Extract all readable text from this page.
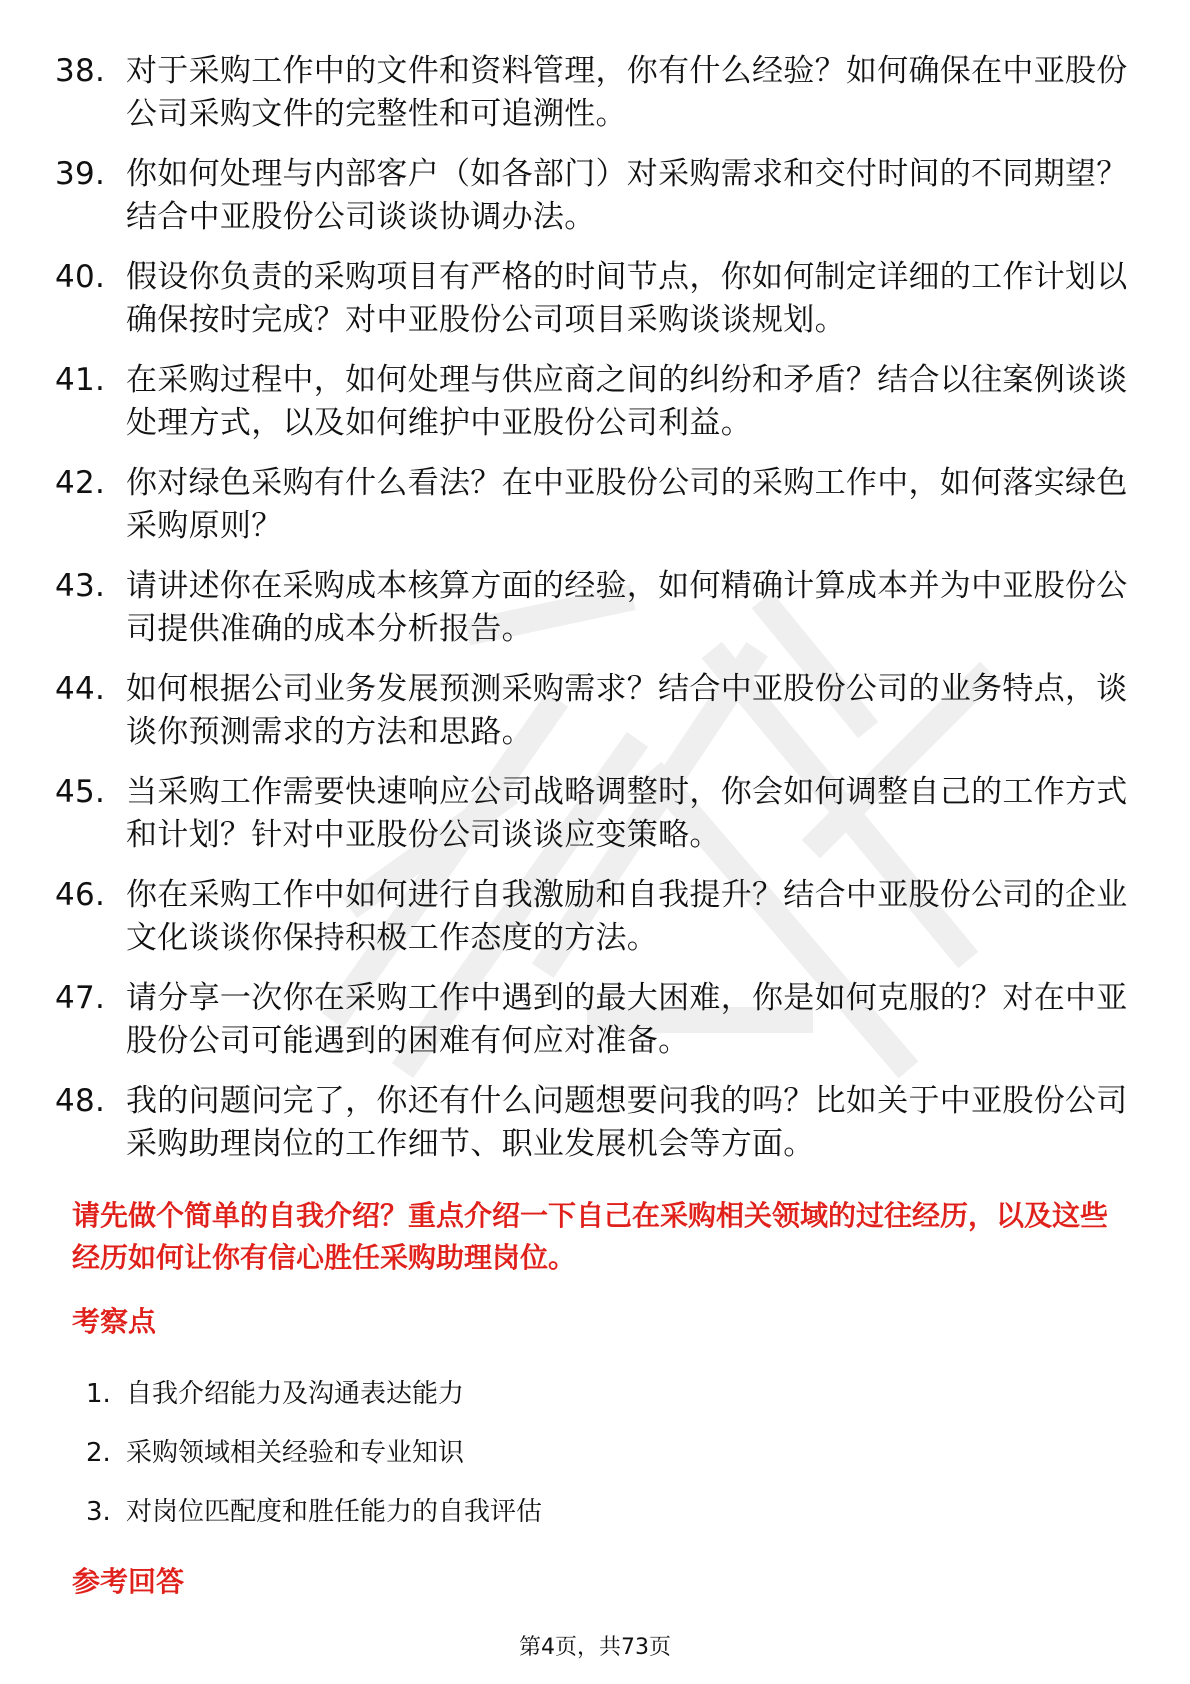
38. 对于采购工作中的文件和资料管理，你有什么经验？如何确保在中亚股份公司采购文件的完整性和可追溯性。
39. 你如何处理与内部客户（如各部门）对采购需求和交付时间的不同期望？结合中亚股份公司谈谈协调办法。
40. 假设你负责的采购项目有严格的时间节点，你如何制定详细的工作计划以确保按时完成？对中亚股份公司项目采购谈谈规划。
41. 在采购过程中，如何处理与供应商之间的纠纷和矛盾？结合以往案例谈谈处理方式，以及如何维护中亚股份公司利益。
42. 你对绿色采购有什么看法？在中亚股份公司的采购工作中，如何落实绿色采购原则？
43. 请讲述你在采购成本核算方面的经验，如何精确计算成本并为中亚股份公司提供准确的成本分析报告。
44. 如何根据公司业务发展预测采购需求？结合中亚股份公司的业务特点，谈谈你预测需求的方法和思路。
45. 当采购工作需要快速响应公司战略调整时，你会如何调整自己的工作方式和计划？针对中亚股份公司谈谈应变策略。
46. 你在采购工作中如何进行自我激励和自我提升？结合中亚股份公司的企业文化谈谈你保持积极工作态度的方法。
47. 请分享一次你在采购工作中遇到的最大困难，你是如何克服的？对在中亚股份公司可能遇到的困难有何应对准备。
48. 我的问题问完了，你还有什么问题想要问我的吗？比如关于中亚股份公司采购助理岗位的工作细节、职业发展机会等方面。

请先做个简单的自我介绍？重点介绍一下自己在采购相关领域的过往经历，以及这些经历如何让你有信心胜任采购助理岗位。

考察点
1. 自我介绍能力及沟通表达能力
2. 采购领域相关经验和专业知识
3. 对岗位匹配度和胜任能力的自我评估
参考回答
第4页，共73页
